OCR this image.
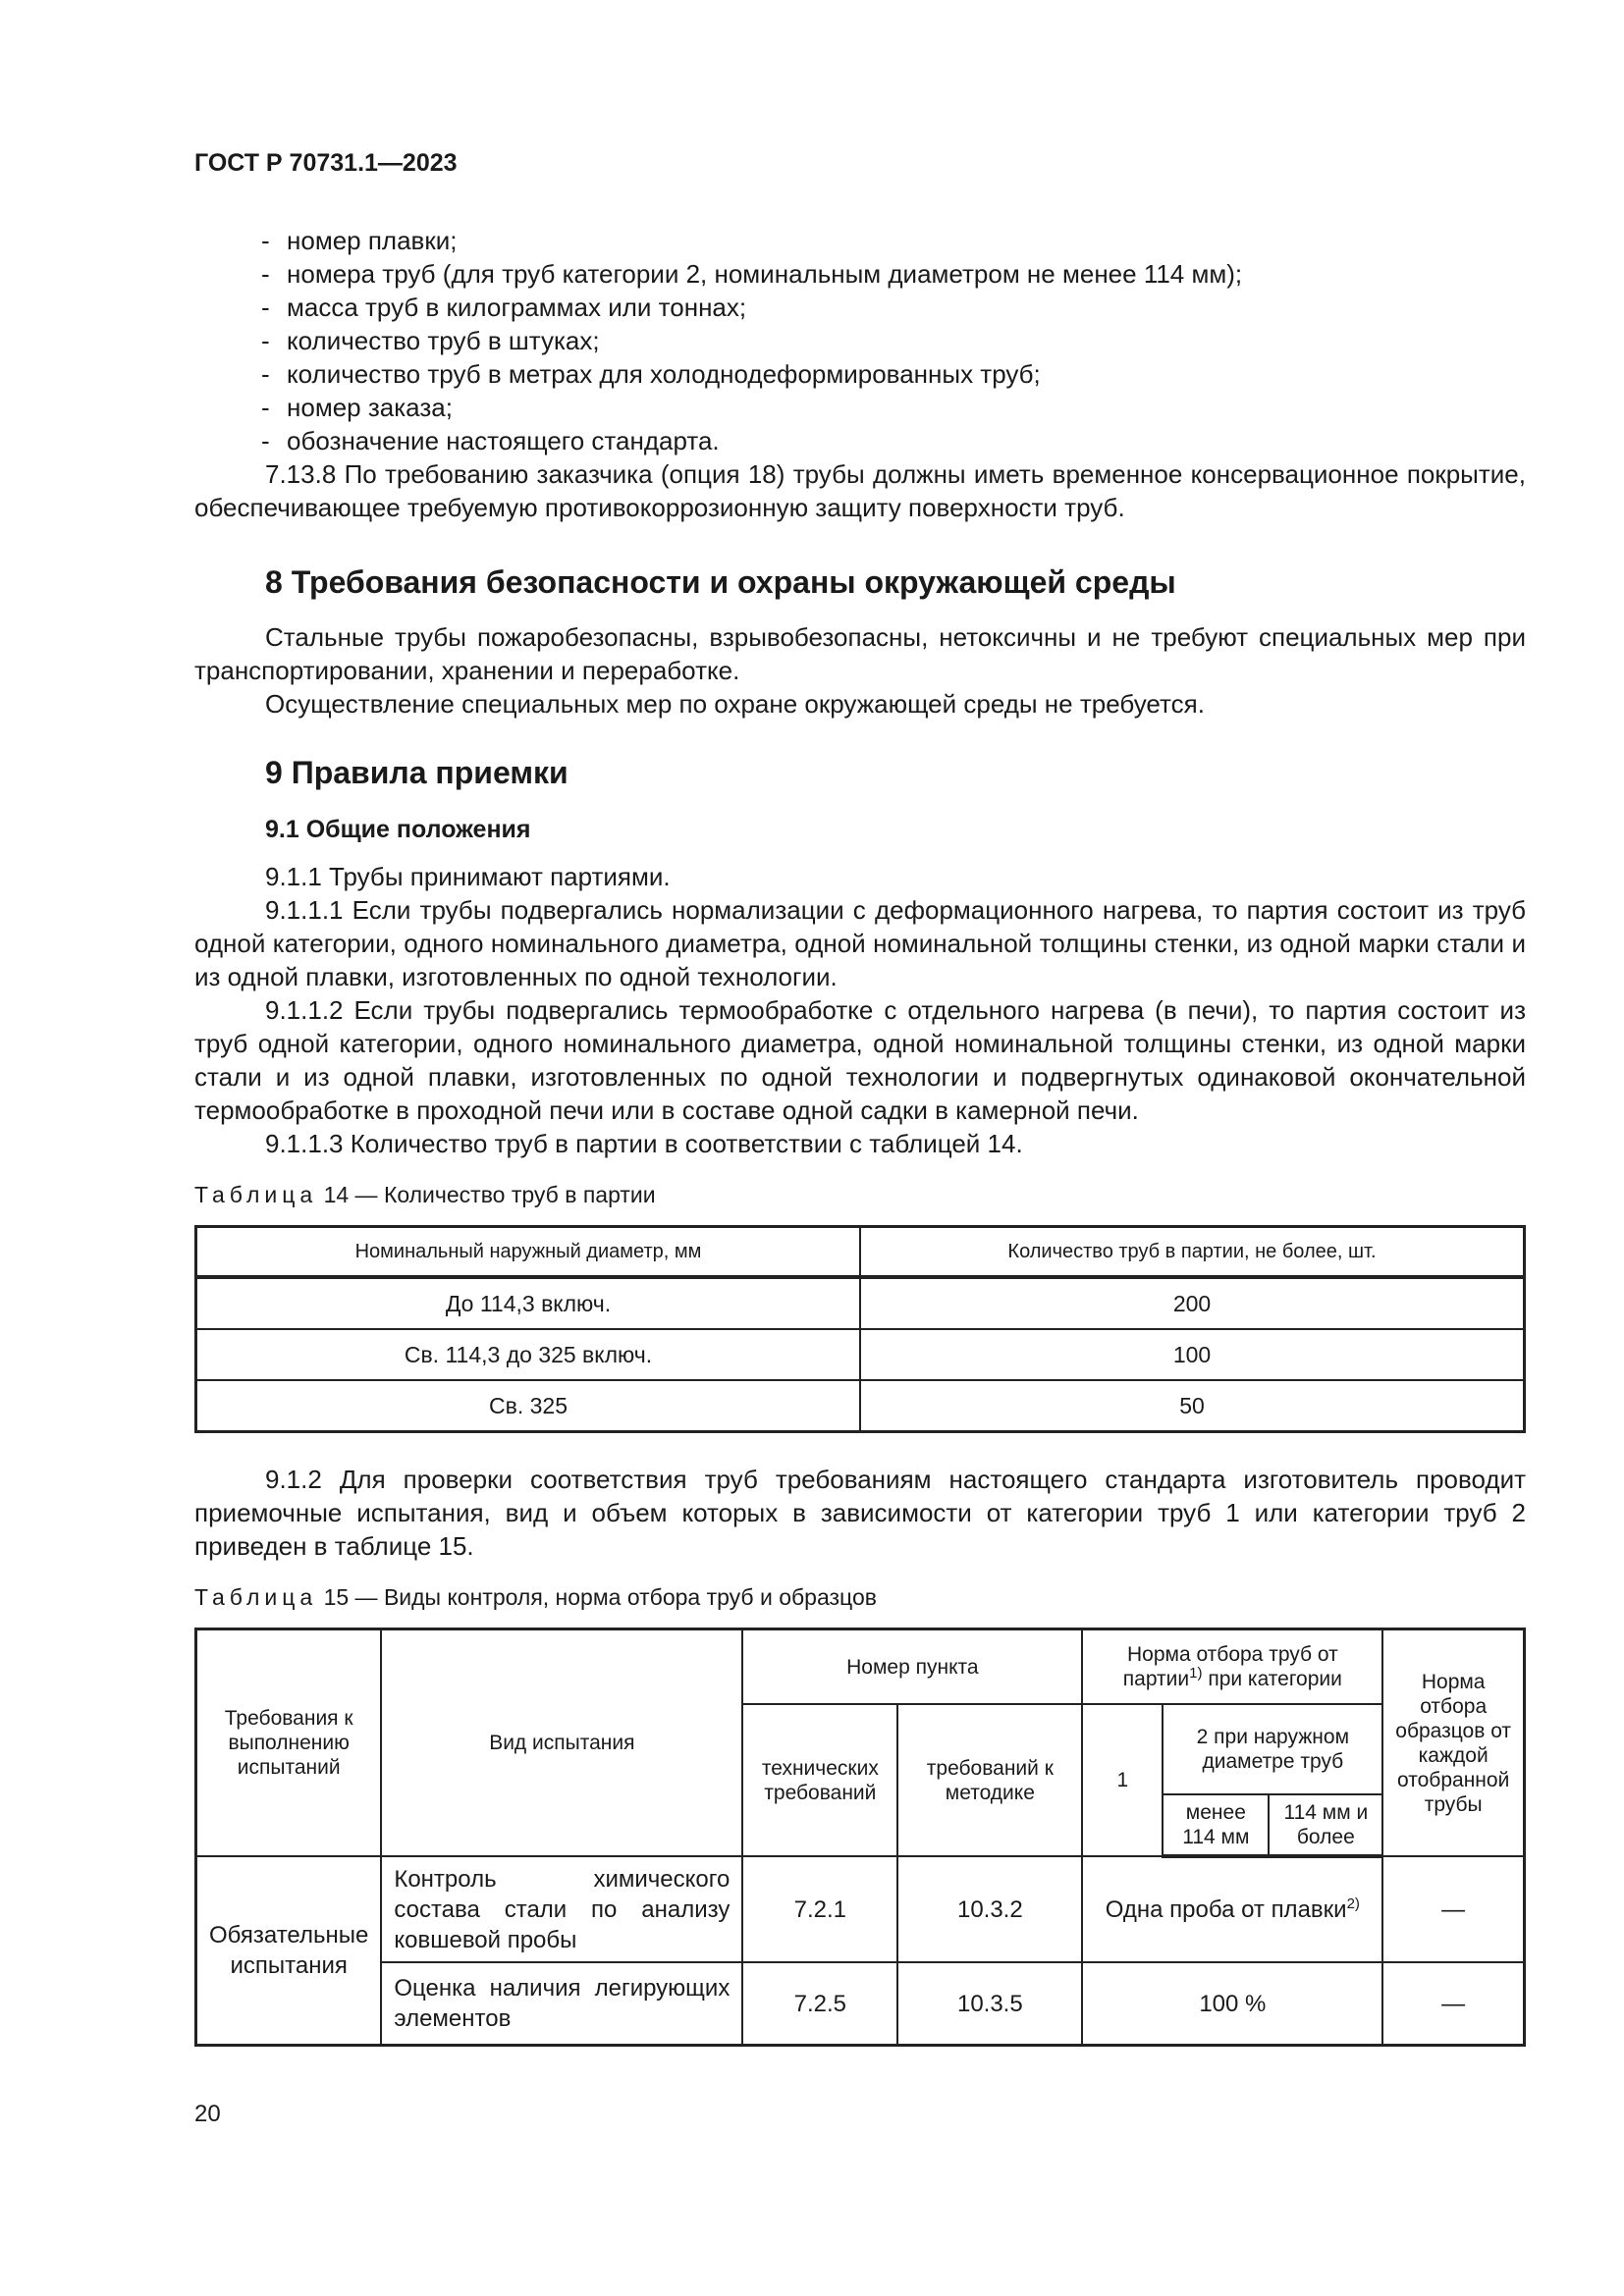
ГОСТ Р 70731.1—2023
- номер плавки;
- номера труб (для труб категории 2, номинальным диаметром не менее 114 мм);
- масса труб в килограммах или тоннах;
- количество труб в штуках;
- количество труб в метрах для холоднодеформированных труб;
- номер заказа;
- обозначение настоящего стандарта.

7.13.8 По требованию заказчика (опция 18) трубы должны иметь временное консервационное покрытие, обеспечивающее требуемую противокоррозионную защиту поверхности труб.

8 Требования безопасности и охраны окружающей среды

Стальные трубы пожаробезопасны, взрывобезопасны, нетоксичны и не требуют специальных мер при транспортировании, хранении и переработке.

Осуществление специальных мер по охране окружающей среды не требуется.

9 Правила приемки
9.1 Общие положения

9.1.1 Трубы принимают партиями.

9.1.1.1 Если трубы подвергались нормализации с деформационного нагрева, то партия состоит из труб одной категории, одного номинального диаметра, одной номинальной толщины стенки, из одной марки стали и из одной плавки, изготовленных по одной технологии.

9.1.1.2 Если трубы подвергались термообработке с отдельного нагрева (в печи), то партия состоит из труб одной категории, одного номинального диаметра, одной номинальной толщины стенки, из одной марки стали и из одной плавки, изготовленных по одной технологии и подвергнутых одинаковой окончательной термообработке в проходной печи или в составе одной садки в камерной печи.

9.1.1.3 Количество труб в партии в соответствии с таблицей 14.

Таблица 14 — Количество труб в партии
Номинальный наружный диаметр, мм	Количество труб в партии, не более, шт.
До 114,3 включ.	200
Св. 114,3 до 325 включ.	100
Св. 325	50

9.1.2 Для проверки соответствия труб требованиям настоящего стандарта изготовитель проводит приемочные испытания, вид и объем которых в зависимости от категории труб 1 или категории труб 2 приведен в таблице 15.

Таблица 15 — Виды контроля, норма отбора труб и образцов
Требования к выполнению испытаний	Вид испытания	Номер пункта		Норма отбора труб от партии$^{1)}$ при категории			Норма отбора образцов от каждой отобранной трубы
		технических требований	требований к методике	1	2 при наружном диаметре труб		
					менее 114 мм	114 мм и более	
Обязательные испытания	Контроль химического состава стали по анализу ковшевой пробы	7.2.1	10.3.2	Одна проба от плавки$^{2)}$			—
	Оценка наличия легирующих элементов	7.2.5	10.3.5	100 %			—
20
